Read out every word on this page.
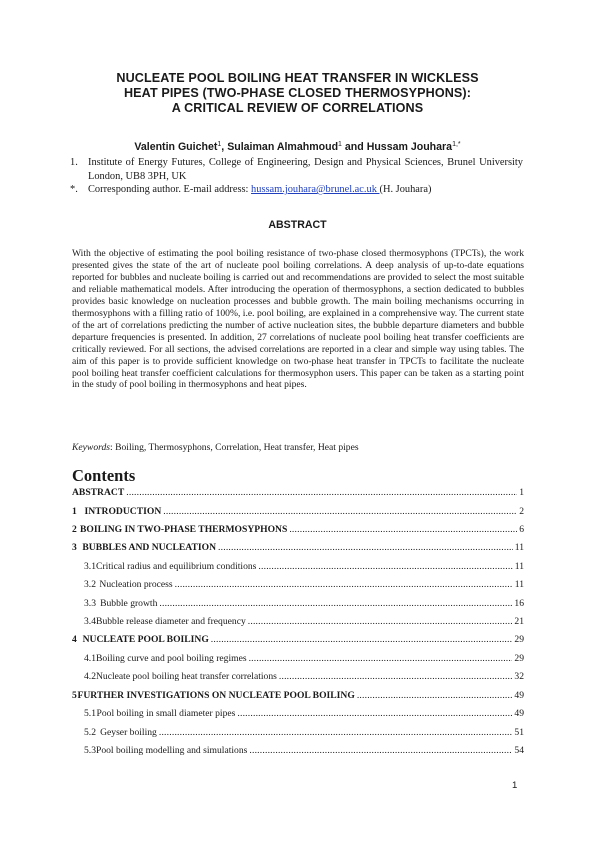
NUCLEATE POOL BOILING HEAT TRANSFER IN WICKLESS
HEAT PIPES (TWO-PHASE CLOSED THERMOSYPHONS):
A CRITICAL REVIEW OF CORRELATIONS
Valentin Guichet$^1$, Sulaiman Almahmoud$^1$ and Hussam Jouhara$^{1,*}$
1. Institute of Energy Futures, College of Engineering, Design and Physical Sciences, Brunel University London, UB8 3PH, UK
*. Corresponding author. E-mail address: hussam.jouhara@brunel.ac.uk (H. Jouhara)
ABSTRACT
With the objective of estimating the pool boiling resistance of two-phase closed thermosyphons (TPCTs), the work presented gives the state of the art of nucleate pool boiling correlations. A deep analysis of up-to-date equations reported for bubbles and nucleate boiling is carried out and recommendations are provided to select the most suitable and reliable mathematical models. After introducing the operation of thermosyphons, a section dedicated to bubbles provides basic knowledge on nucleation processes and bubble growth. The main boiling mechanisms occurring in thermosyphons with a filling ratio of 100%, i.e. pool boiling, are explained in a comprehensive way. The current state of the art of correlations predicting the number of active nucleation sites, the bubble departure diameters and bubble departure frequencies is presented. In addition, 27 correlations of nucleate pool boiling heat transfer coefficients are critically reviewed. For all sections, the advised correlations are reported in a clear and simple way using tables. The aim of this paper is to provide sufficient knowledge on two-phase heat transfer in TPCTs to facilitate the nucleate pool boiling heat transfer coefficient calculations for thermosyphon users. This paper can be taken as a starting point in the study of pool boiling in thermosyphons and heat pipes.
Keywords: Boiling, Thermosyphons, Correlation, Heat transfer, Heat pipes
Contents
ABSTRACT .....	1
1 INTRODUCTION .....	2
2 BOILING IN TWO-PHASE THERMOSYPHONS .....	6
3 BUBBLES AND NUCLEATION .....	11
3.1 Critical radius and equilibrium conditions .....	11
3.2 Nucleation process .....	11
3.3 Bubble growth .....	16
3.4 Bubble release diameter and frequency .....	21
4 NUCLEATE POOL BOILING .....	29
4.1 Boiling curve and pool boiling regimes .....	29
4.2 Nucleate pool boiling heat transfer correlations .....	32
5 FURTHER INVESTIGATIONS ON NUCLEATE POOL BOILING .....	49
5.1 Pool boiling in small diameter pipes .....	49
5.2 Geyser boiling .....	51
5.3 Pool boiling modelling and simulations .....	54
1
